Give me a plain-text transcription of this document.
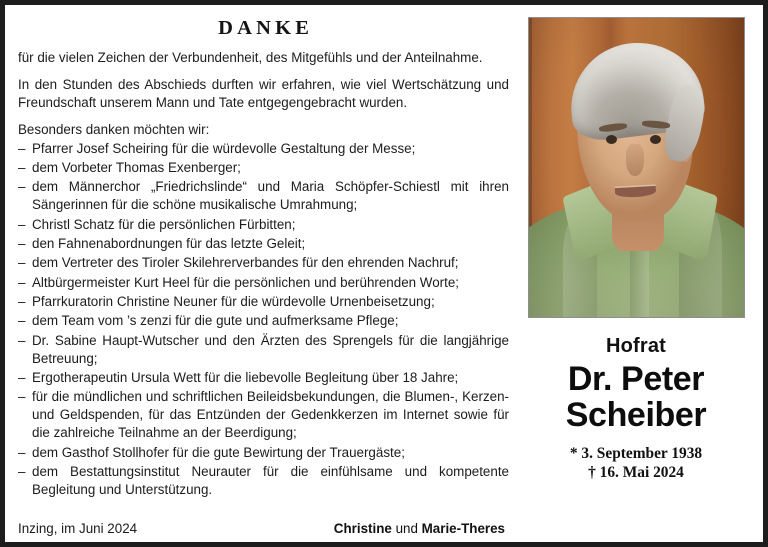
DANKE

für die vielen Zeichen der Verbundenheit, des Mitgefühls und der Anteilnahme.

In den Stunden des Abschieds durften wir erfahren, wie viel Wertschätzung und Freundschaft unserem Mann und Tate entgegengebracht wurden.

Besonders danken möchten wir:
– Pfarrer Josef Scheiring für die würdevolle Gestaltung der Messe;
– dem Vorbeter Thomas Exenberger;
– dem Männerchor „Friedrichslinde“ und Maria Schöpfer-Schiestl mit ihren Sängerinnen für die schöne musikalische Umrahmung;
– Christl Schatz für die persönlichen Fürbitten;
– den Fahnenabordnungen für das letzte Geleit;
– dem Vertreter des Tiroler Skilehrerverbandes für den ehrenden Nachruf;
– Altbürgermeister Kurt Heel für die persönlichen und berührenden Worte;
– Pfarrkuratorin Christine Neuner für die würdevolle Urnenbeisetzung;
– dem Team vom ’s zenzi für die gute und aufmerksame Pflege;
– Dr. Sabine Haupt-Wutscher und den Ärzten des Sprengels für die langjährige Betreuung;
– Ergotherapeutin Ursula Wett für die liebevolle Begleitung über 18 Jahre;
– für die mündlichen und schriftlichen Beileidsbekundungen, die Blumen-, Kerzen- und Geldspenden, für das Entzünden der Gedenkkerzen im Internet sowie für die zahlreiche Teilnahme an der Beerdigung;
– dem Gasthof Stollhofer für die gute Bewirtung der Trauergäste;
– dem Bestattungsinstitut Neurauter für die einfühlsame und kompetente Begleitung und Unterstützung.
Inzing, im Juni 2024	Christine und Marie-Theres
Hofrat
Dr. Peter
Scheiber
* 3. September 1938
† 16. Mai 2024
